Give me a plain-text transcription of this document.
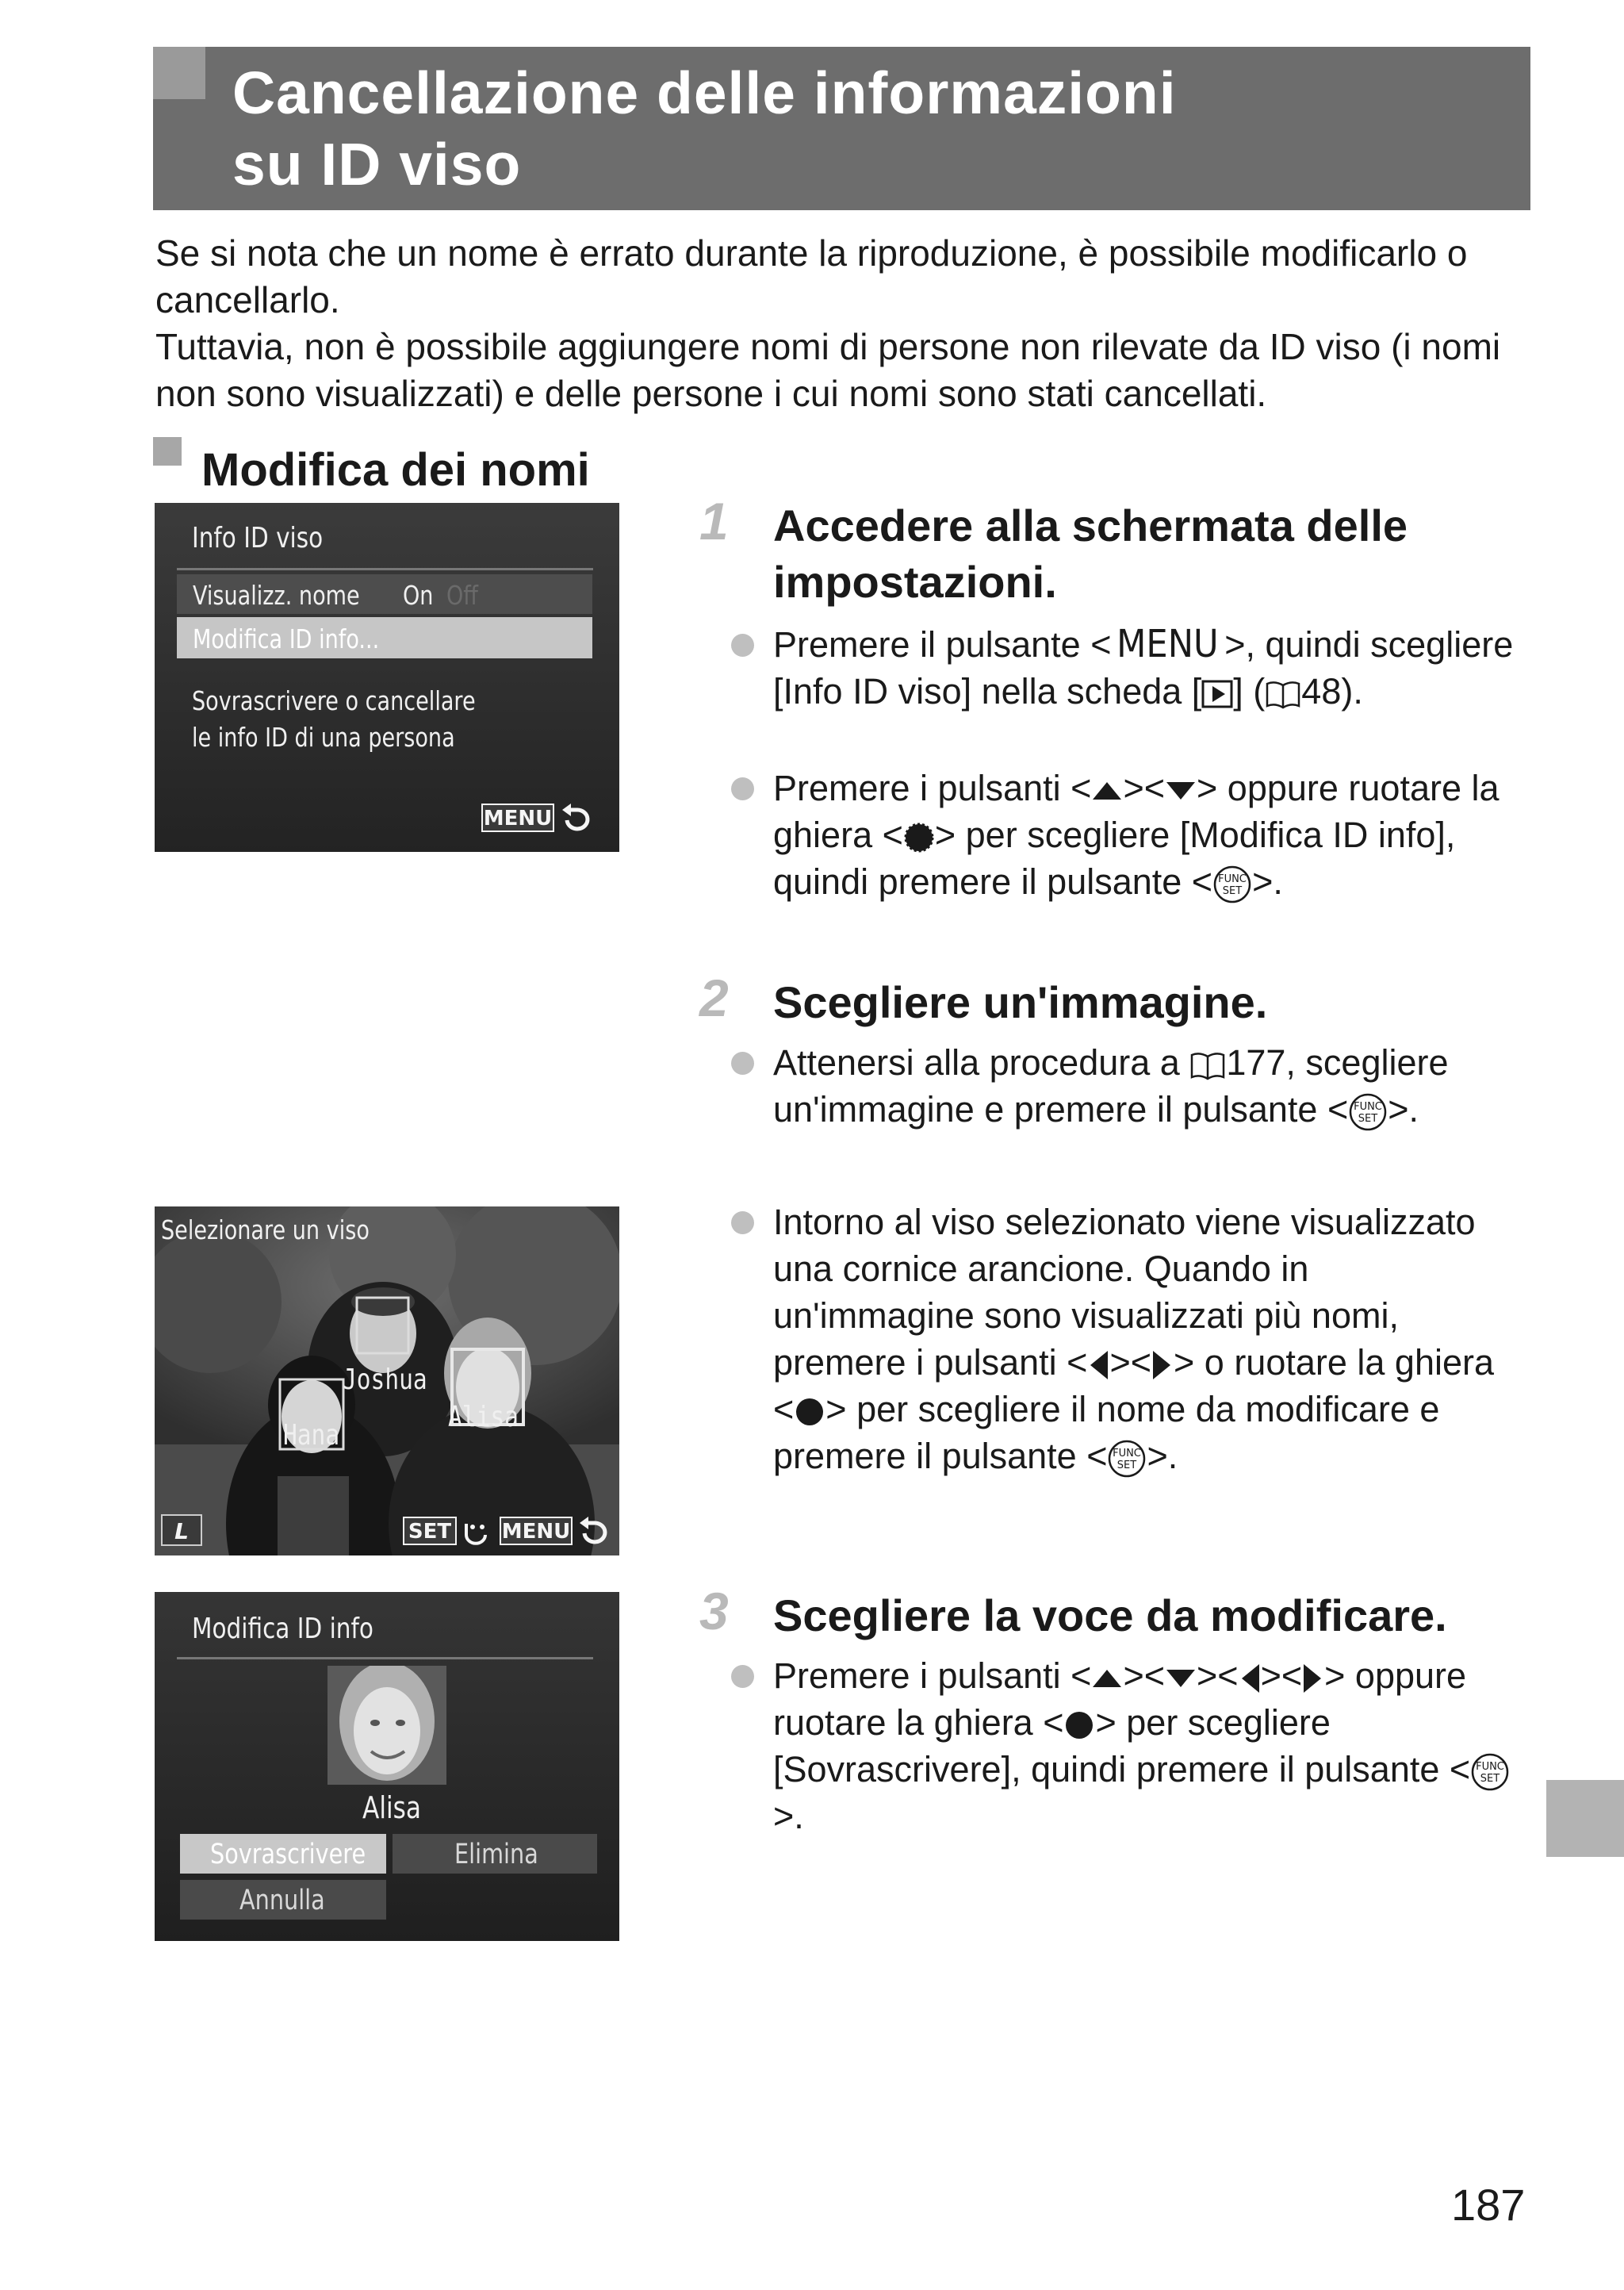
Cancellazione delle informazioni
su ID viso

Se si nota che un nome è errato durante la riproduzione, è possibile modificarlo o cancellarlo.

Tuttavia, non è possibile aggiungere nomi di persone non rilevate da ID viso (i nomi non sono visualizzati) e delle persone i cui nomi sono stati cancellati.

Modifica dei nomi
Info ID viso
Visualizz. nome On Off
Modifica ID info...
Sovrascrivere o cancellare
le info ID di una persona
MENU
Selezionare un viso
Joshua
Alisa
Hana
L	SET MENU
Modifica ID info
Alisa
Sovrascrivere	Elimina
Annulla
1 Accedere alla schermata delle
impostazioni.

Premere il pulsante < MENU >, quindi scegliere [Info ID viso] nella scheda [ ] ( 48).

Premere i pulsanti < >< > oppure ruotare la ghiera < > per scegliere [Modifica ID info], quindi premere il pulsante < FUNC
SET >.

2 Scegliere un'immagine.

Attenersi alla procedura a 177, scegliere un'immagine e premere il pulsante < FUNC
SET >.

Intorno al viso selezionato viene visualizzato una cornice arancione. Quando in un'immagine sono visualizzati più nomi, premere i pulsanti < >< > o ruotare la ghiera < > per scegliere il nome da modificare e premere il pulsante < FUNC
SET >.

3 Scegliere la voce da modificare.

Premere i pulsanti < >< >< >< > oppure ruotare la ghiera < > per scegliere [Sovrascrivere], quindi premere il pulsante < FUNC
SET
>.

187
